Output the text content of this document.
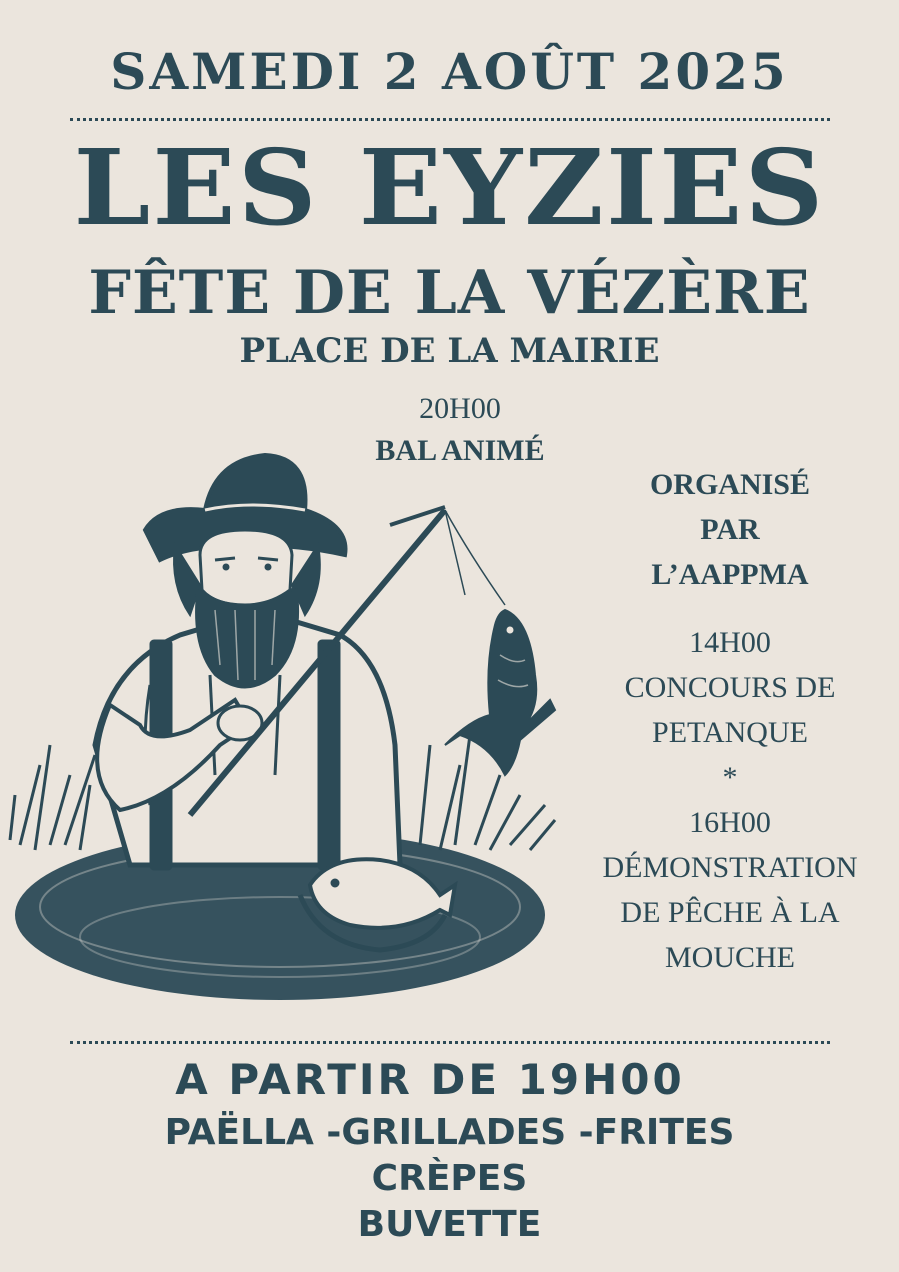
SAMEDI 2 AOÛT 2025
LES EYZIES
FÊTE DE LA VÉZÈRE
PLACE DE LA MAIRIE
20H00
BAL ANIMÉ
ORGANISÉ
PAR
L’AAPPMA
14H00
CONCOURS DE
PETANQUE
*
16H00
DÉMONSTRATION
DE PÊCHE À LA
MOUCHE
A PARTIR DE 19H00
PAËLLA -GRILLADES -FRITES
CRÈPES
BUVETTE
